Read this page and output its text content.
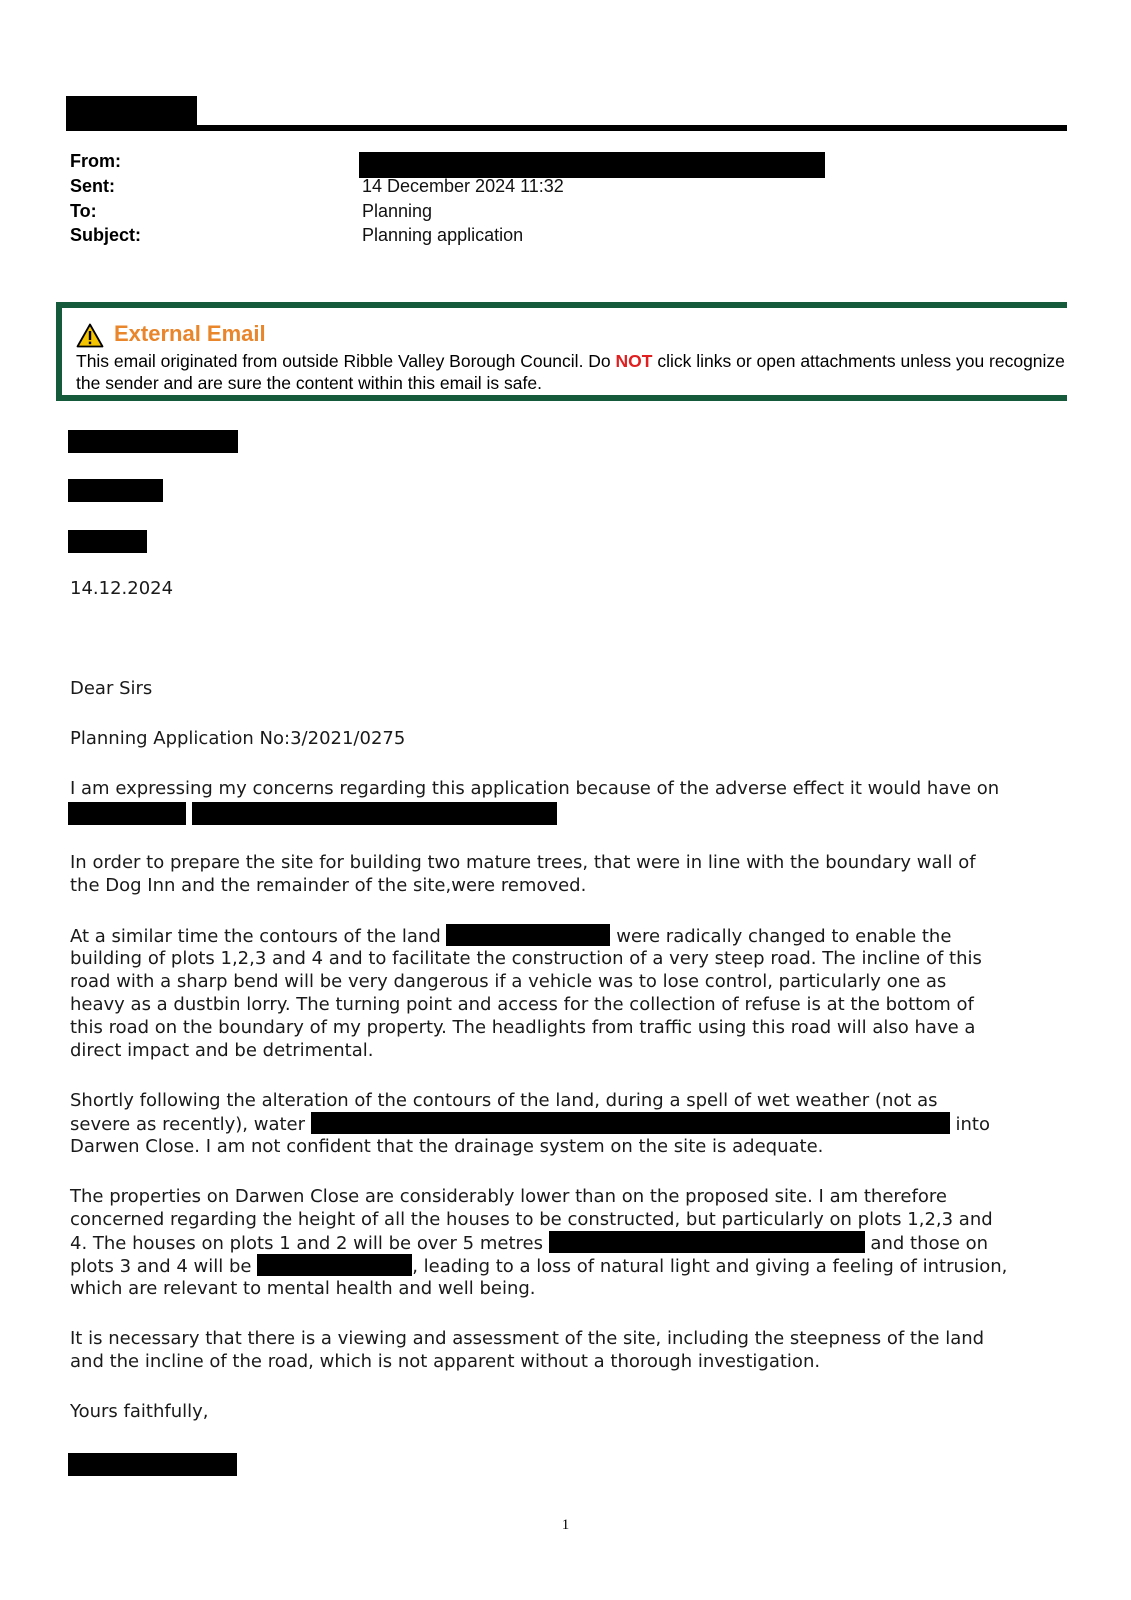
From:
Sent:	14 December 2024 11:32
To:	Planning
Subject:	Planning application
External Email
This email originated from outside Ribble Valley Borough Council. Do NOT click links or open attachments unless you recognize the sender and are sure the content within this email is safe.
14.12.2024
Dear Sirs
Planning Application No:3/2021/0275
I am expressing my concerns regarding this application because of the adverse effect it would have on
In order to prepare the site for building two mature trees, that were in line with the boundary wall of
the Dog Inn and the remainder of the site,were removed.
At a similar time the contours of the land	were radically changed to enable the
building of plots 1,2,3 and 4 and to facilitate the construction of a very steep road. The incline of this
road with a sharp bend will be very dangerous if a vehicle was to lose control, particularly one as
heavy as a dustbin lorry. The turning point and access for the collection of refuse is at the bottom of
this road on the boundary of my property. The headlights from traffic using this road will also have a
direct impact and be detrimental.
Shortly following the alteration of the contours of the land, during a spell of wet weather (not as
severe as recently), water	into
Darwen Close. I am not confident that the drainage system on the site is adequate.
The properties on Darwen Close are considerably lower than on the proposed site. I am therefore
concerned regarding the height of all the houses to be constructed, but particularly on plots 1,2,3 and
4. The houses on plots 1 and 2 will be over 5 metres	and those on
plots 3 and 4 will be	, leading to a loss of natural light and giving a feeling of intrusion,
which are relevant to mental health and well being.
It is necessary that there is a viewing and assessment of the site, including the steepness of the land
and the incline of the road, which is not apparent without a thorough investigation.
Yours faithfully,
1
